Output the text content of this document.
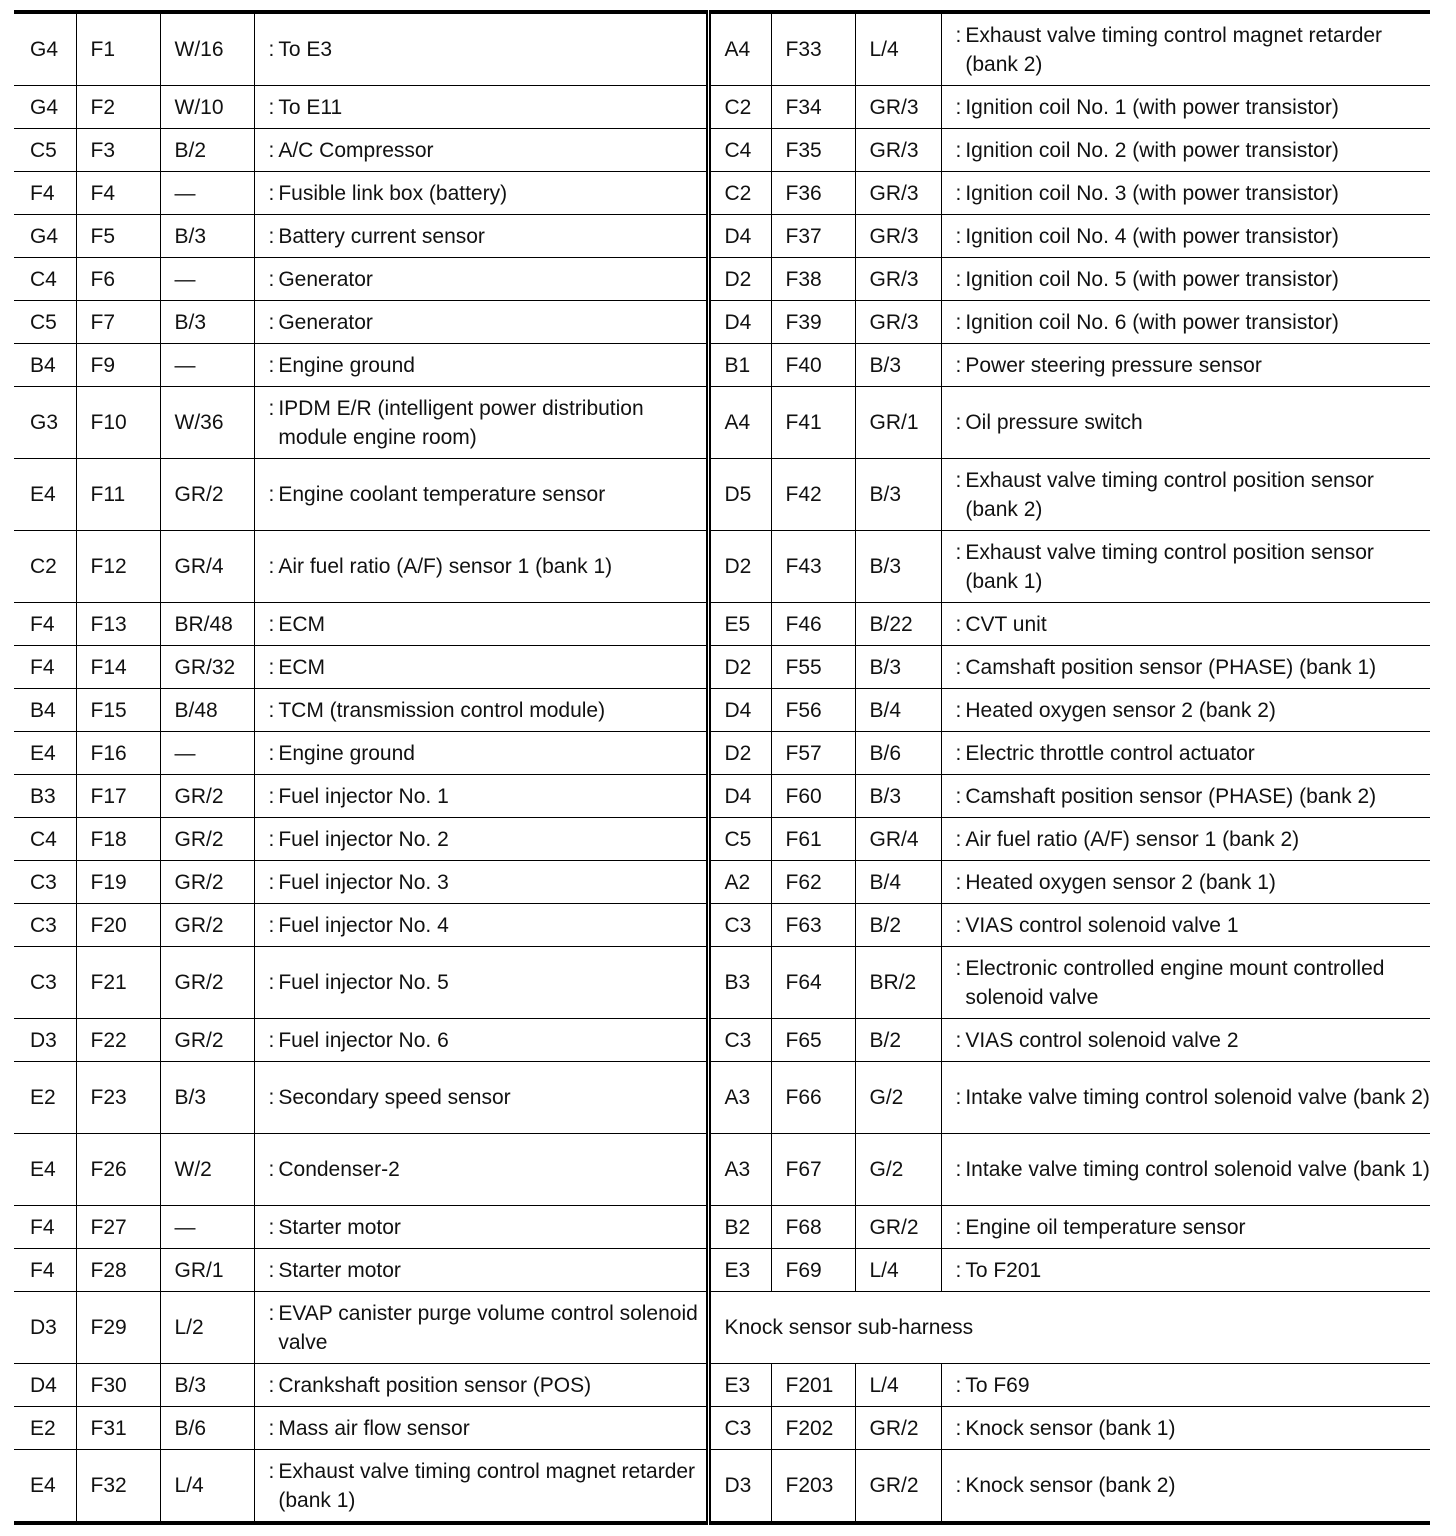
G4	F1	W/16	: To E3	A4	F33	L/4	: Exhaust valve timing control magnet retarder (bank 2)

G4	F2	W/10	: To E11	C2	F34	GR/3	: Ignition coil No. 1 (with power transistor)

C5	F3	B/2	: A/C Compressor	C4	F35	GR/3	: Ignition coil No. 2 (with power transistor)

F4	F4	—	: Fusible link box (battery)	C2	F36	GR/3	: Ignition coil No. 3 (with power transistor)

G4	F5	B/3	: Battery current sensor	D4	F37	GR/3	: Ignition coil No. 4 (with power transistor)

C4	F6	—	: Generator	D2	F38	GR/3	: Ignition coil No. 5 (with power transistor)

C5	F7	B/3	: Generator	D4	F39	GR/3	: Ignition coil No. 6 (with power transistor)

B4	F9	—	: Engine ground	B1	F40	B/3	: Power steering pressure sensor

G3	F10	W/36	: IPDM E/R (intelligent power distribution module engine room)	A4	F41	GR/1	: Oil pressure switch

E4	F11	GR/2	: Engine coolant temperature sensor	D5	F42	B/3	: Exhaust valve timing control position sensor (bank 2)

C2	F12	GR/4	: Air fuel ratio (A/F) sensor 1 (bank 1)	D2	F43	B/3	: Exhaust valve timing control position sensor (bank 1)

F4	F13	BR/48	: ECM	E5	F46	B/22	: CVT unit

F4	F14	GR/32	: ECM	D2	F55	B/3	: Camshaft position sensor (PHASE) (bank 1)

B4	F15	B/48	: TCM (transmission control module)	D4	F56	B/4	: Heated oxygen sensor 2 (bank 2)

E4	F16	—	: Engine ground	D2	F57	B/6	: Electric throttle control actuator

B3	F17	GR/2	: Fuel injector No. 1	D4	F60	B/3	: Camshaft position sensor (PHASE) (bank 2)

C4	F18	GR/2	: Fuel injector No. 2	C5	F61	GR/4	: Air fuel ratio (A/F) sensor 1 (bank 2)

C3	F19	GR/2	: Fuel injector No. 3	A2	F62	B/4	: Heated oxygen sensor 2 (bank 1)

C3	F20	GR/2	: Fuel injector No. 4	C3	F63	B/2	: VIAS control solenoid valve 1

C3	F21	GR/2	: Fuel injector No. 5	B3	F64	BR/2	: Electronic controlled engine mount controlled solenoid valve

D3	F22	GR/2	: Fuel injector No. 6	C3	F65	B/2	: VIAS control solenoid valve 2

E2	F23	B/3	: Secondary speed sensor	A3	F66	G/2	: Intake valve timing control solenoid valve (bank 2)

E4	F26	W/2	: Condenser-2	A3	F67	G/2	: Intake valve timing control solenoid valve (bank 1)

F4	F27	—	: Starter motor	B2	F68	GR/2	: Engine oil temperature sensor

F4	F28	GR/1	: Starter motor	E3	F69	L/4	: To F201

D3	F29	L/2	: EVAP canister purge volume control solenoid valve	Knock sensor sub-harness			
D4	F30	B/3	: Crankshaft position sensor (POS)	E3	F201	L/4	: To F69

E2	F31	B/6	: Mass air flow sensor	C3	F202	GR/2	: Knock sensor (bank 1)

E4	F32	L/4	: Exhaust valve timing control magnet retarder (bank 1)	D3	F203	GR/2	: Knock sensor (bank 2)
